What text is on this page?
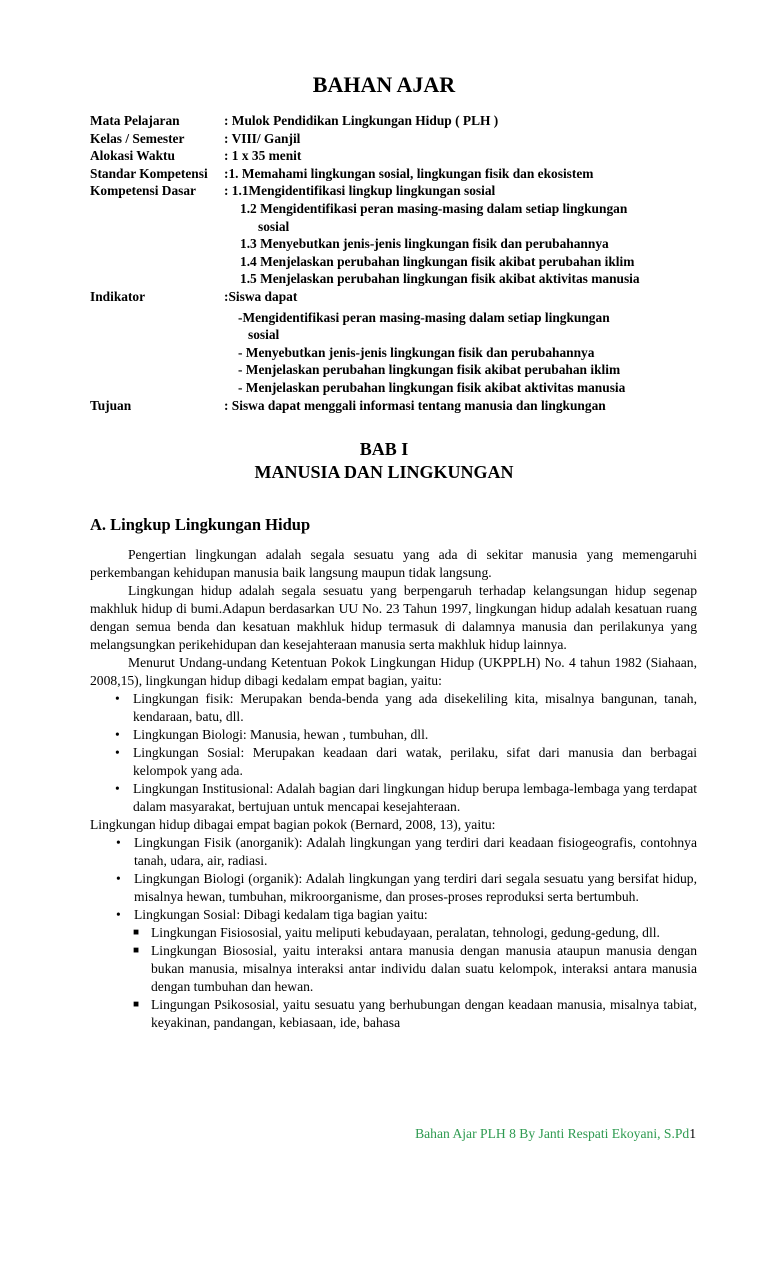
BAHAN AJAR
Mata Pelajaran	: Mulok Pendidikan Lingkungan Hidup ( PLH )
Kelas / Semester	: VIII/ Ganjil
Alokasi Waktu	: 1 x 35 menit
Standar Kompetensi	:1. Memahami lingkungan sosial, lingkungan fisik dan ekosistem
Kompetensi Dasar	: 1.1Mengidentifikasi lingkup lingkungan sosial
1.2 Mengidentifikasi peran masing-masing dalam setiap lingkungan
sosial
1.3 Menyebutkan jenis-jenis lingkungan fisik dan perubahannya
1.4 Menjelaskan perubahan lingkungan fisik akibat perubahan iklim
1.5 Menjelaskan perubahan lingkungan fisik akibat aktivitas manusia
Indikator	:Siswa dapat
-Mengidentifikasi peran masing-masing dalam setiap lingkungan
sosial
- Menyebutkan jenis-jenis lingkungan fisik dan perubahannya
- Menjelaskan perubahan lingkungan fisik akibat perubahan iklim
- Menjelaskan perubahan lingkungan fisik akibat aktivitas manusia
Tujuan	: Siswa dapat menggali informasi tentang manusia dan lingkungan
BAB I
MANUSIA DAN LINGKUNGAN
A. Lingkup Lingkungan Hidup

Pengertian lingkungan adalah segala sesuatu yang ada di sekitar manusia yang memengaruhi perkembangan kehidupan manusia baik langsung maupun tidak langsung.

Lingkungan hidup adalah segala sesuatu yang berpengaruh terhadap kelangsungan hidup segenap makhluk hidup di bumi.Adapun berdasarkan UU No. 23 Tahun 1997, lingkungan hidup adalah kesatuan ruang dengan semua benda dan kesatuan makhluk hidup termasuk di dalamnya manusia dan perilakunya yang melangsungkan perikehidupan dan kesejahteraan manusia serta makhluk hidup lainnya.

Menurut Undang-undang Ketentuan Pokok Lingkungan Hidup (UKPPLH) No. 4 tahun 1982 (Siahaan, 2008,15), lingkungan hidup dibagi kedalam empat bagian, yaitu:

• Lingkungan fisik: Merupakan benda-benda yang ada disekeliling kita, misalnya bangunan, tanah, kendaraan, batu, dll.
• Lingkungan Biologi: Manusia, hewan , tumbuhan, dll.
• Lingkungan Sosial: Merupakan keadaan dari watak, perilaku, sifat dari manusia dan berbagai kelompok yang ada.
• Lingkungan Institusional: Adalah bagian dari lingkungan hidup berupa lembaga-lembaga yang terdapat dalam masyarakat, bertujuan untuk mencapai kesejahteraan.

Lingkungan hidup dibagai empat bagian pokok (Bernard, 2008, 13), yaitu:

• Lingkungan Fisik (anorganik): Adalah lingkungan yang terdiri dari keadaan fisiogeografis, contohnya tanah, udara, air, radiasi.
• Lingkungan Biologi (organik): Adalah lingkungan yang terdiri dari segala sesuatu yang bersifat hidup, misalnya hewan, tumbuhan, mikroorganisme, dan proses-proses reproduksi serta bertumbuh.
• Lingkungan Sosial: Dibagi kedalam tiga bagian yaitu:
■ Lingkungan Fisiososial, yaitu meliputi kebudayaan, peralatan, tehnologi, gedung-gedung, dll.
■ Lingkungan Biososial, yaitu interaksi antara manusia dengan manusia ataupun manusia dengan bukan manusia, misalnya interaksi antar individu dalan suatu kelompok, interaksi antara manusia dengan tumbuhan dan hewan.
■ Lingungan Psikososial, yaitu sesuatu yang berhubungan dengan keadaan manusia, misalnya tabiat, keyakinan, pandangan, kebiasaan, ide, bahasa
Bahan Ajar PLH 8 By Janti Respati Ekoyani, S.Pd1
